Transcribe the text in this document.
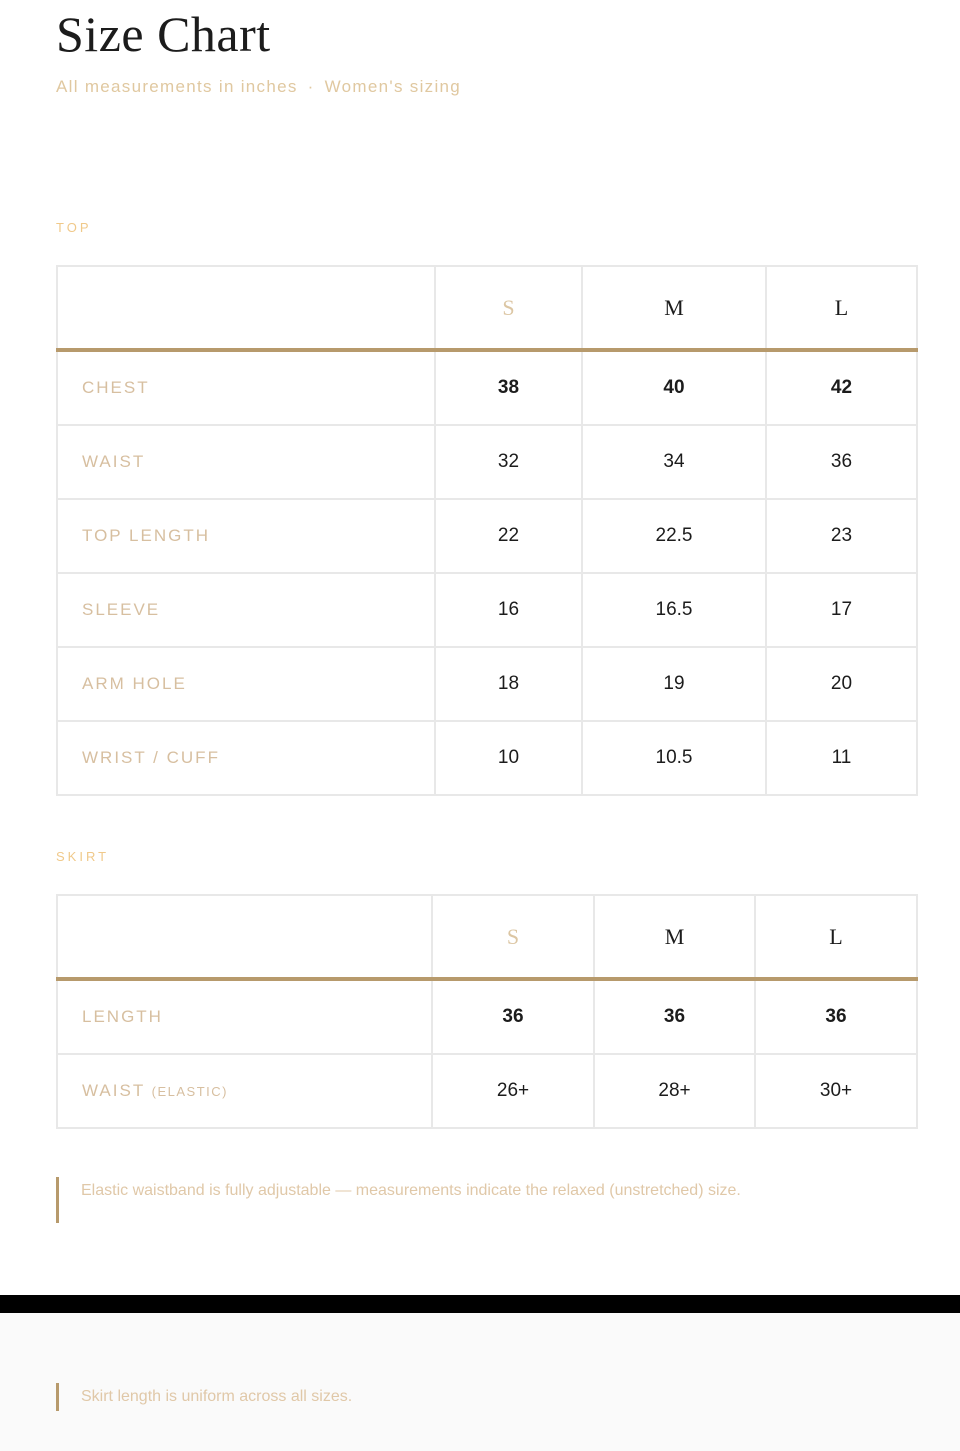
Size Chart
All measurements in inches · Women's sizing
TOP
	S	M	L
CHEST	38	40	42
WAIST	32	34	36
TOP LENGTH	22	22.5	23
SLEEVE	16	16.5	17
ARM HOLE	18	19	20
WRIST / CUFF	10	10.5	11
SKIRT
	S	M	L
LENGTH	36	36	36
WAIST (ELASTIC)	26+	28+	30+
Elastic waistband is fully adjustable — measurements indicate the relaxed (unstretched) size.
Skirt length is uniform across all sizes.
